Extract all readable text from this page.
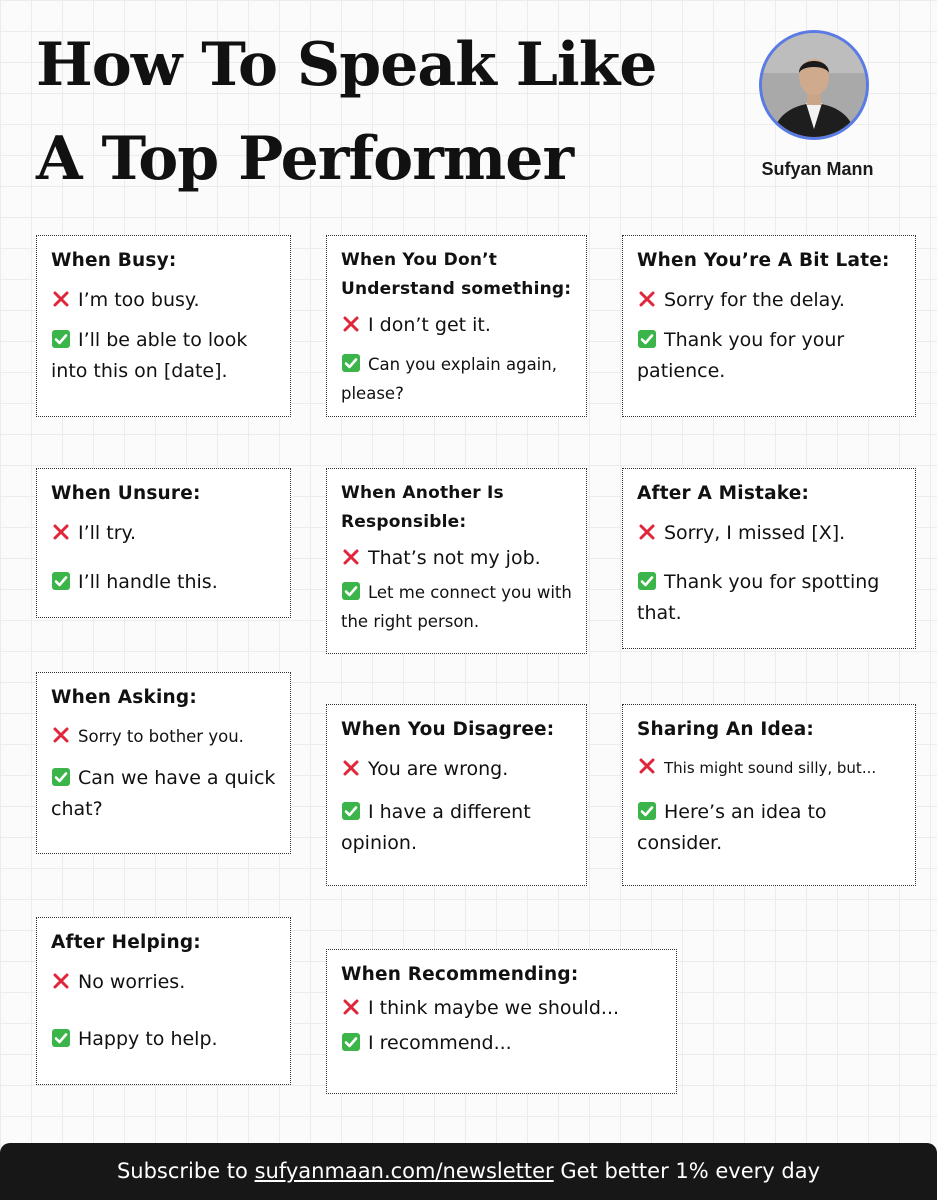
How To Speak Like
A Top Performer	Sufyan Mann
When Busy:

I’m too busy.

I’ll be able to look into this on [date].

When You Don’t Understand something:

I don’t get it.

Can you explain again, please?

When You’re A Bit Late:

Sorry for the delay.

Thank you for your patience.

When Unsure:

I’ll try.

I’ll handle this.

When Another Is Responsible:

That’s not my job.

Let me connect you with the right person.

After A Mistake:

Sorry, I missed [X].

Thank you for spotting that.

When Asking:

Sorry to bother you.

Can we have a quick chat?

When You Disagree:

You are wrong.

I have a different opinion.

Sharing An Idea:

This might sound silly, but...

Here’s an idea to consider.

After Helping:

No worries.

Happy to help.

When Recommending:

I think maybe we should...

I recommend...

Subscribe to sufyanmaan.com/newsletter Get better 1% every day
